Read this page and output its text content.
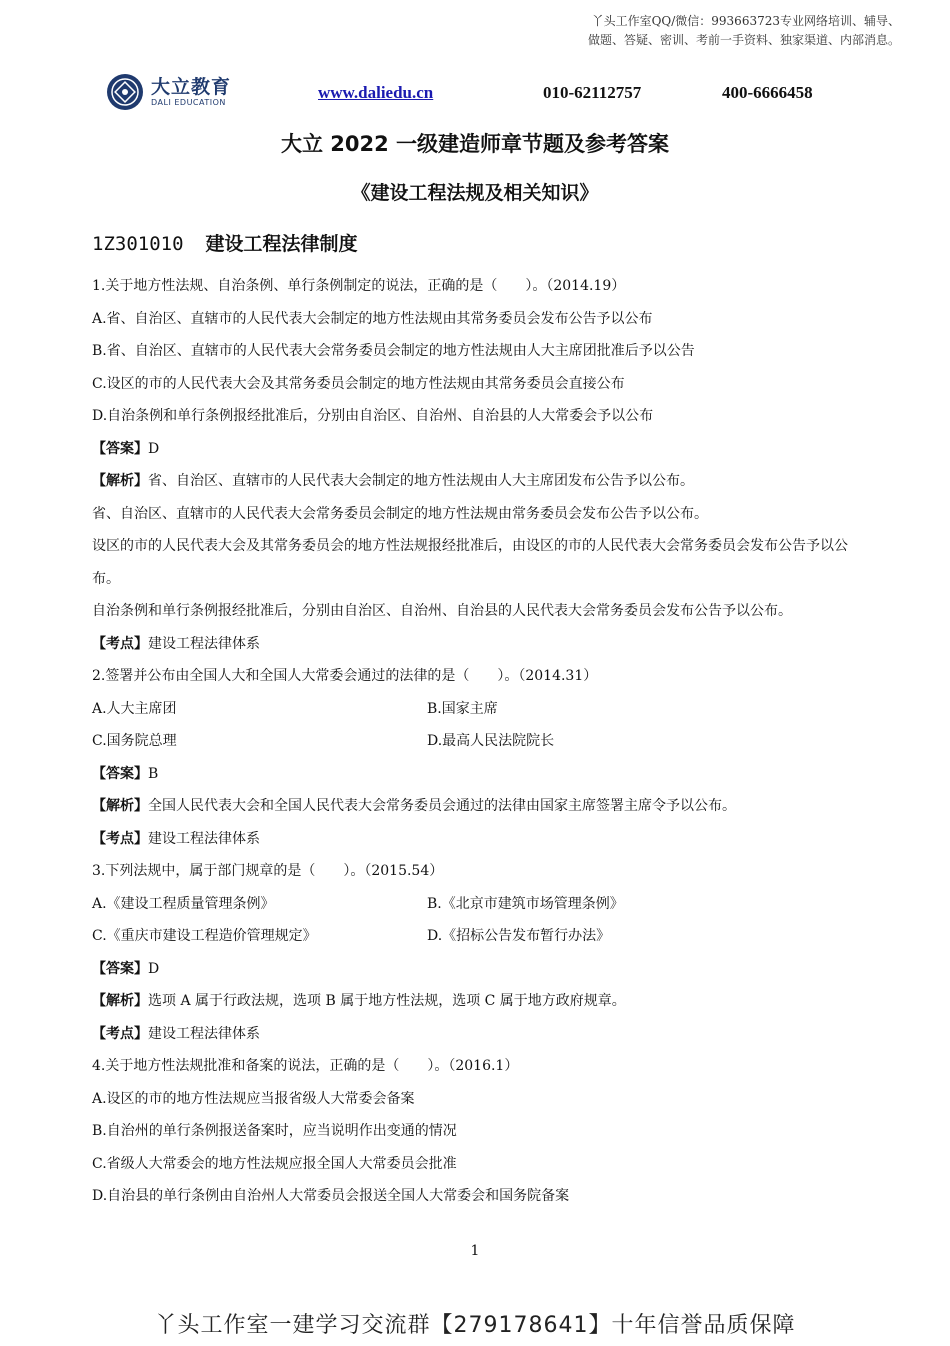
丫头工作室QQ/微信：993663723专业网络培训、辅导、
做题、答疑、密训、考前一手资料、独家渠道、内部消息。
大立教育
DALI EDUCATION
www.daliedu.cn	010-62112757	400-6666458
大立 2022 一级建造师章节题及参考答案
《建设工程法规及相关知识》
1Z301010 建设工程法律制度
1.关于地方性法规、自治条例、单行条例制定的说法，正确的是（　　）。（2014.19）
A.省、自治区、直辖市的人民代表大会制定的地方性法规由其常务委员会发布公告予以公布
B.省、自治区、直辖市的人民代表大会常务委员会制定的地方性法规由人大主席团批准后予以公告
C.设区的市的人民代表大会及其常务委员会制定的地方性法规由其常务委员会直接公布
D.自治条例和单行条例报经批准后，分别由自治区、自治州、自治县的人大常委会予以公布
【答案】D
【解析】省、自治区、直辖市的人民代表大会制定的地方性法规由人大主席团发布公告予以公布。
省、自治区、直辖市的人民代表大会常务委员会制定的地方性法规由常务委员会发布公告予以公布。
设区的市的人民代表大会及其常务委员会的地方性法规报经批准后，由设区的市的人民代表大会常务委员会发布公告予以公布。
自治条例和单行条例报经批准后，分别由自治区、自治州、自治县的人民代表大会常务委员会发布公告予以公布。
【考点】建设工程法律体系
2.签署并公布由全国人大和全国人大常委会通过的法律的是（　　）。（2014.31）
A.人大主席团	B.国家主席
C.国务院总理	D.最高人民法院院长
【答案】B
【解析】全国人民代表大会和全国人民代表大会常务委员会通过的法律由国家主席签署主席令予以公布。
【考点】建设工程法律体系
3.下列法规中，属于部门规章的是（　　）。（2015.54）
A.《建设工程质量管理条例》	B.《北京市建筑市场管理条例》
C.《重庆市建设工程造价管理规定》	D.《招标公告发布暂行办法》
【答案】D
【解析】选项 A 属于行政法规，选项 B 属于地方性法规，选项 C 属于地方政府规章。
【考点】建设工程法律体系
4.关于地方性法规批准和备案的说法，正确的是（　　）。（2016.1）
A.设区的市的地方性法规应当报省级人大常委会备案
B.自治州的单行条例报送备案时，应当说明作出变通的情况
C.省级人大常委会的地方性法规应报全国人大常委员会批准
D.自治县的单行条例由自治州人大常委员会报送全国人大常委会和国务院备案
1
丫头工作室一建学习交流群【279178641】十年信誉品质保障
